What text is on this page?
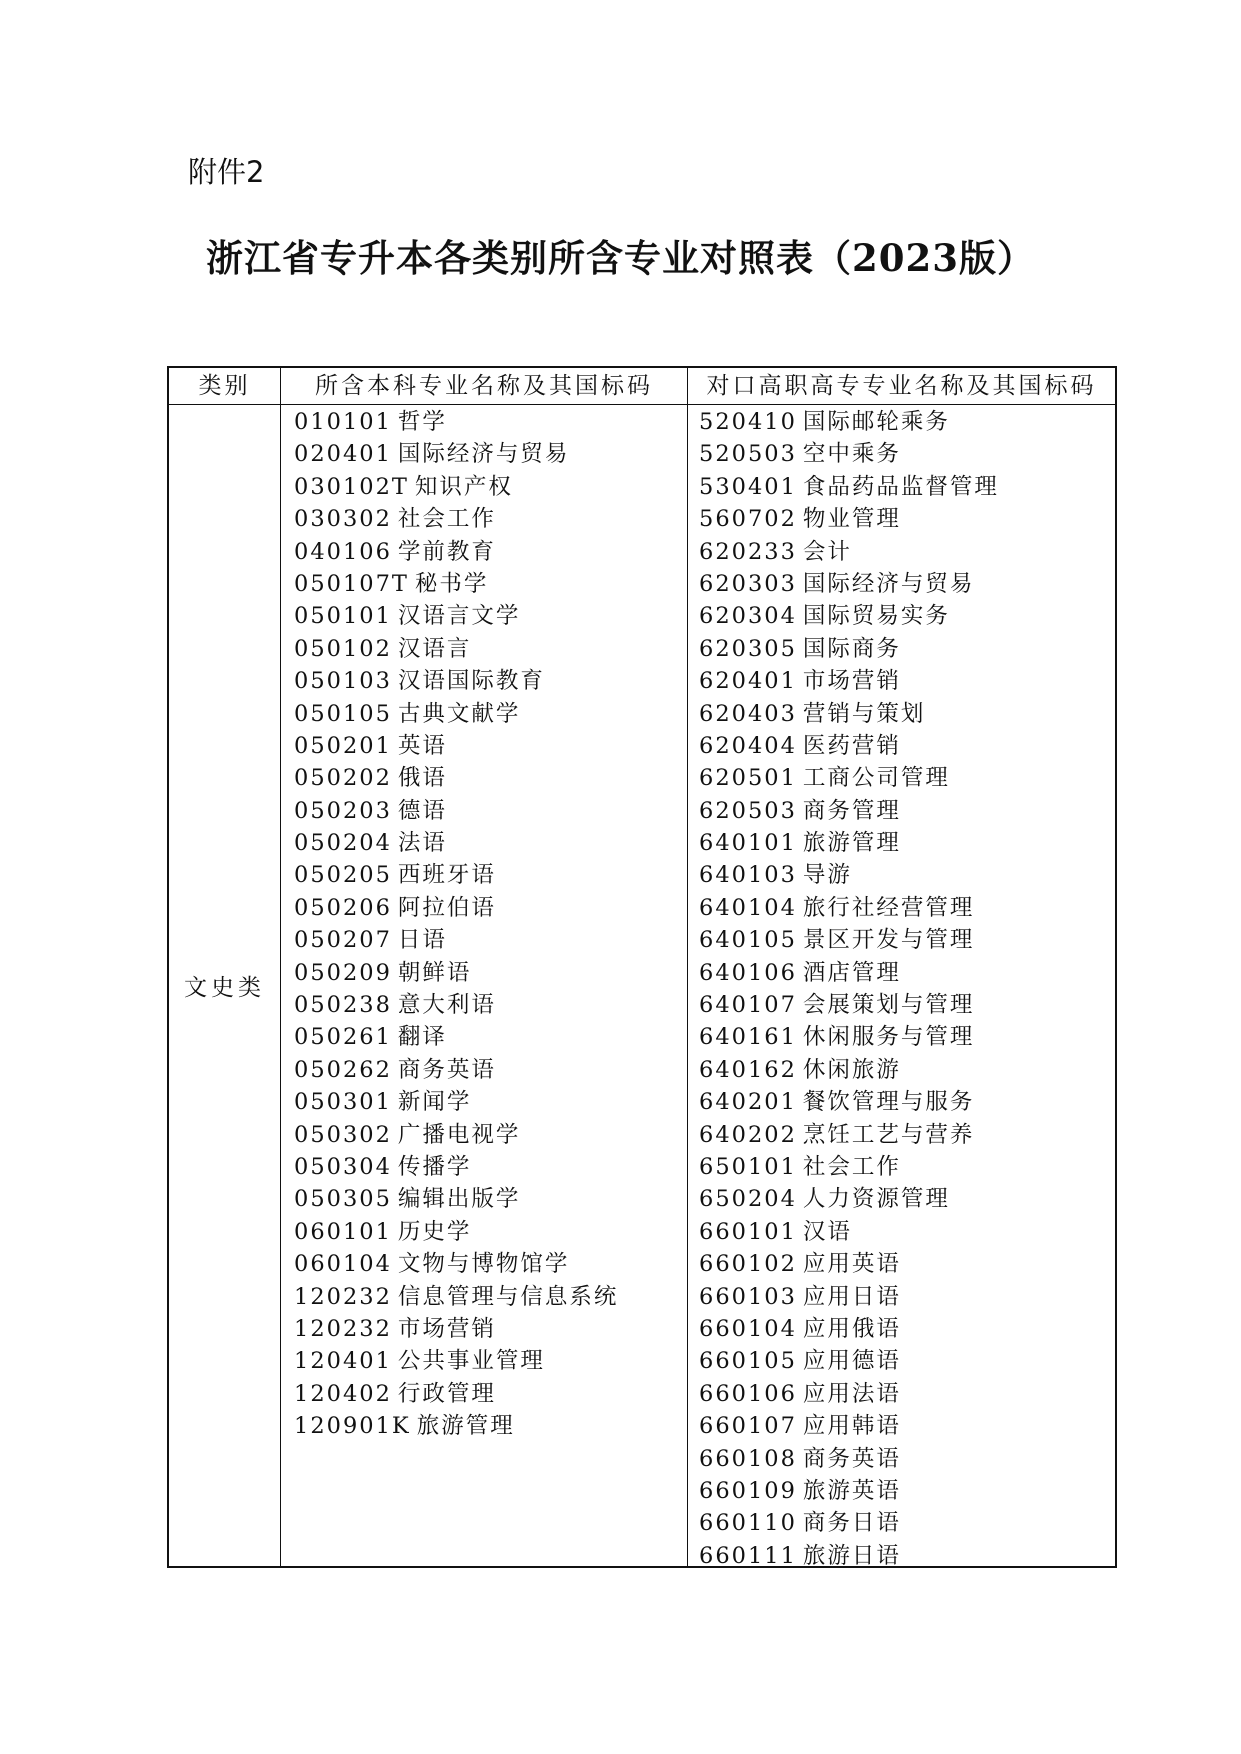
附件2
浙江省专升本各类别所含专业对照表（2023版）
类别	所含本科专业名称及其国标码	对口高职高专专业名称及其国标码
文史类
010101 哲学
020401 国际经济与贸易
030102T 知识产权
030302 社会工作
040106 学前教育
050107T 秘书学
050101 汉语言文学
050102 汉语言
050103 汉语国际教育
050105 古典文献学
050201 英语
050202 俄语
050203 德语
050204 法语
050205 西班牙语
050206 阿拉伯语
050207 日语
050209 朝鲜语
050238 意大利语
050261 翻译
050262 商务英语
050301 新闻学
050302 广播电视学
050304 传播学
050305 编辑出版学
060101 历史学
060104 文物与博物馆学
120232 信息管理与信息系统
120232 市场营销
120401 公共事业管理
120402 行政管理
120901K 旅游管理
520410 国际邮轮乘务
520503 空中乘务
530401 食品药品监督管理
560702 物业管理
620233 会计
620303 国际经济与贸易
620304 国际贸易实务
620305 国际商务
620401 市场营销
620403 营销与策划
620404 医药营销
620501 工商公司管理
620503 商务管理
640101 旅游管理
640103 导游
640104 旅行社经营管理
640105 景区开发与管理
640106 酒店管理
640107 会展策划与管理
640161 休闲服务与管理
640162 休闲旅游
640201 餐饮管理与服务
640202 烹饪工艺与营养
650101 社会工作
650204 人力资源管理
660101 汉语
660102 应用英语
660103 应用日语
660104 应用俄语
660105 应用德语
660106 应用法语
660107 应用韩语
660108 商务英语
660109 旅游英语
660110 商务日语
660111 旅游日语
